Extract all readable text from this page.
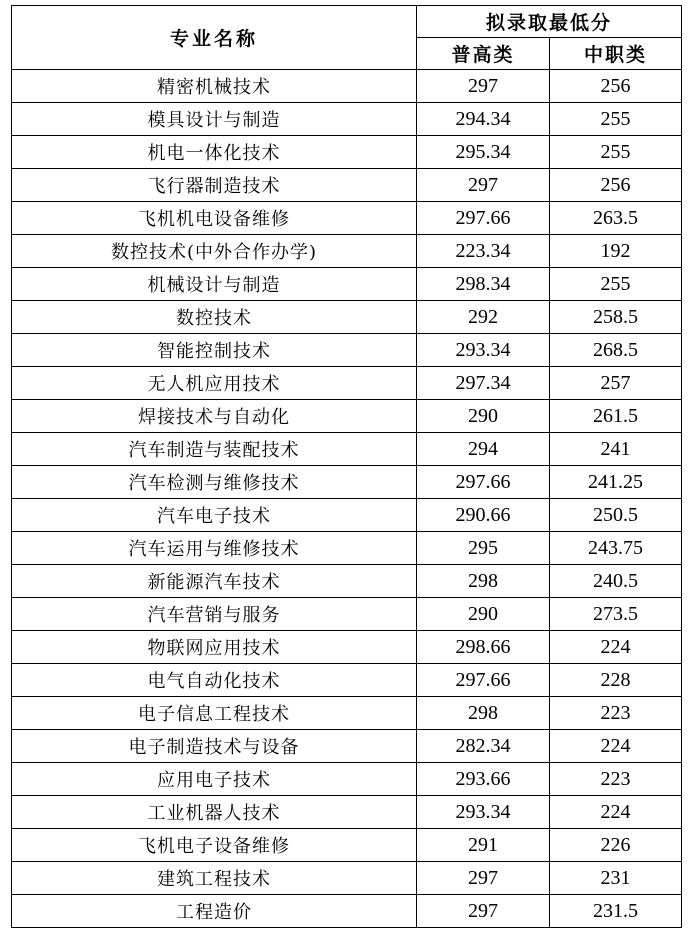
专业名称	拟录取最低分	
	普高类	中职类
精密机械技术	297	256
模具设计与制造	294.34	255
机电一体化技术	295.34	255
飞行器制造技术	297	256
飞机机电设备维修	297.66	263.5
数控技术(中外合作办学)	223.34	192
机械设计与制造	298.34	255
数控技术	292	258.5
智能控制技术	293.34	268.5
无人机应用技术	297.34	257
焊接技术与自动化	290	261.5
汽车制造与装配技术	294	241
汽车检测与维修技术	297.66	241.25
汽车电子技术	290.66	250.5
汽车运用与维修技术	295	243.75
新能源汽车技术	298	240.5
汽车营销与服务	290	273.5
物联网应用技术	298.66	224
电气自动化技术	297.66	228
电子信息工程技术	298	223
电子制造技术与设备	282.34	224
应用电子技术	293.66	223
工业机器人技术	293.34	224
飞机电子设备维修	291	226
建筑工程技术	297	231
工程造价	297	231.5
